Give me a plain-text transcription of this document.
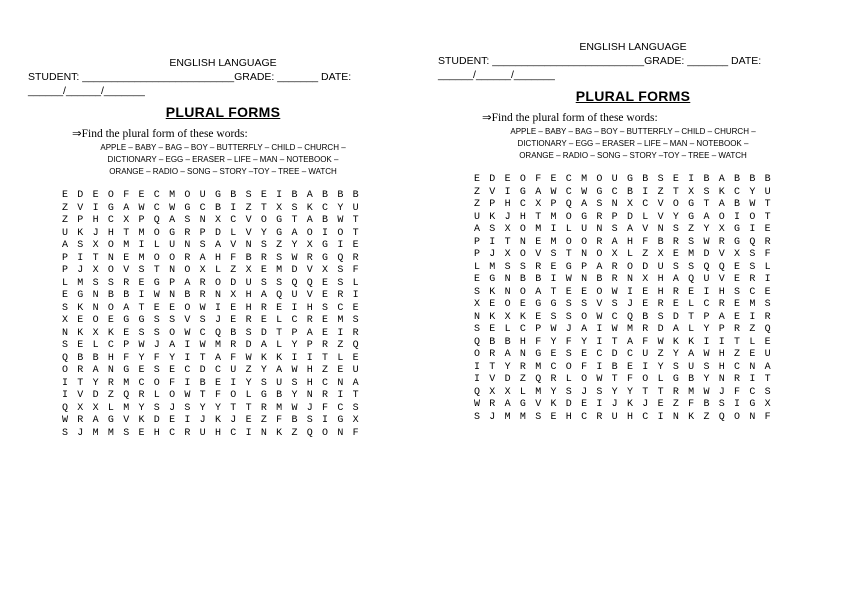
ENGLISH LANGUAGE
STUDENT: __________________________GRADE: _______ DATE:
______/______/_______
PLURAL FORMS
⇒Find the plural form of these words:
APPLE – BABY – BAG – BOY – BUTTERFLY – CHILD – CHURCH –
DICTIONARY – EGG – ERASER – LIFE – MAN – NOTEBOOK –
ORANGE – RADIO – SONG – STORY –TOY – TREE – WATCH
E D E O F E C M O U G B S E I B A B B B
Z V I G A W C W G C B I Z T X S K C Y U
Z P H C X P Q A S N X C V O G T A B W T
U K J H T M O G R P D L V Y G A O I O T
A S X O M I L U N S A V N S Z Y X G I E
P I T N E M O O R A H F B R S W R G Q R
P J X O V S T N O X L Z X E M D V X S F
L M S S R E G P A R O D U S S Q Q E S L
E G N B B I W N B R N X H A Q U V E R I
S K N O A T E E O W I E H R E I H S C E
X E O E G G S S V S J E R E L C R E M S
N K X K E S S O W C Q B S D T P A E I R
S E L C P W J A I W M R D A L Y P R Z Q
Q B B H F Y F Y I T A F W K K I I T L E
O R A N G E S E C D C U Z Y A W H Z E U
I T Y R M C O F I B E I Y S U S H C N A
I V D Z Q R L O W T F O L G B Y N R I T
Q X X L M Y S J S Y Y T T R M W J F C S
W R A G V K D E I J K J E Z F B S I G X
S J M M S E H C R U H C I N K Z Q O N F
ENGLISH LANGUAGE
STUDENT: __________________________GRADE: _______ DATE:
______/______/_______
PLURAL FORMS
⇒Find the plural form of these words:
APPLE – BABY – BAG – BOY – BUTTERFLY – CHILD – CHURCH –
DICTIONARY – EGG – ERASER – LIFE – MAN – NOTEBOOK –
ORANGE – RADIO – SONG – STORY –TOY – TREE – WATCH
E D E O F E C M O U G B S E I B A B B B
Z V I G A W C W G C B I Z T X S K C Y U
Z P H C X P Q A S N X C V O G T A B W T
U K J H T M O G R P D L V Y G A O I O T
A S X O M I L U N S A V N S Z Y X G I E
P I T N E M O O R A H F B R S W R G Q R
P J X O V S T N O X L Z X E M D V X S F
L M S S R E G P A R O D U S S Q Q E S L
E G N B B I W N B R N X H A Q U V E R I
S K N O A T E E O W I E H R E I H S C E
X E O E G G S S V S J E R E L C R E M S
N K X K E S S O W C Q B S D T P A E I R
S E L C P W J A I W M R D A L Y P R Z Q
Q B B H F Y F Y I T A F W K K I I T L E
O R A N G E S E C D C U Z Y A W H Z E U
I T Y R M C O F I B E I Y S U S H C N A
I V D Z Q R L O W T F O L G B Y N R I T
Q X X L M Y S J S Y Y T T R M W J F C S
W R A G V K D E I J K J E Z F B S I G X
S J M M S E H C R U H C I N K Z Q O N F
